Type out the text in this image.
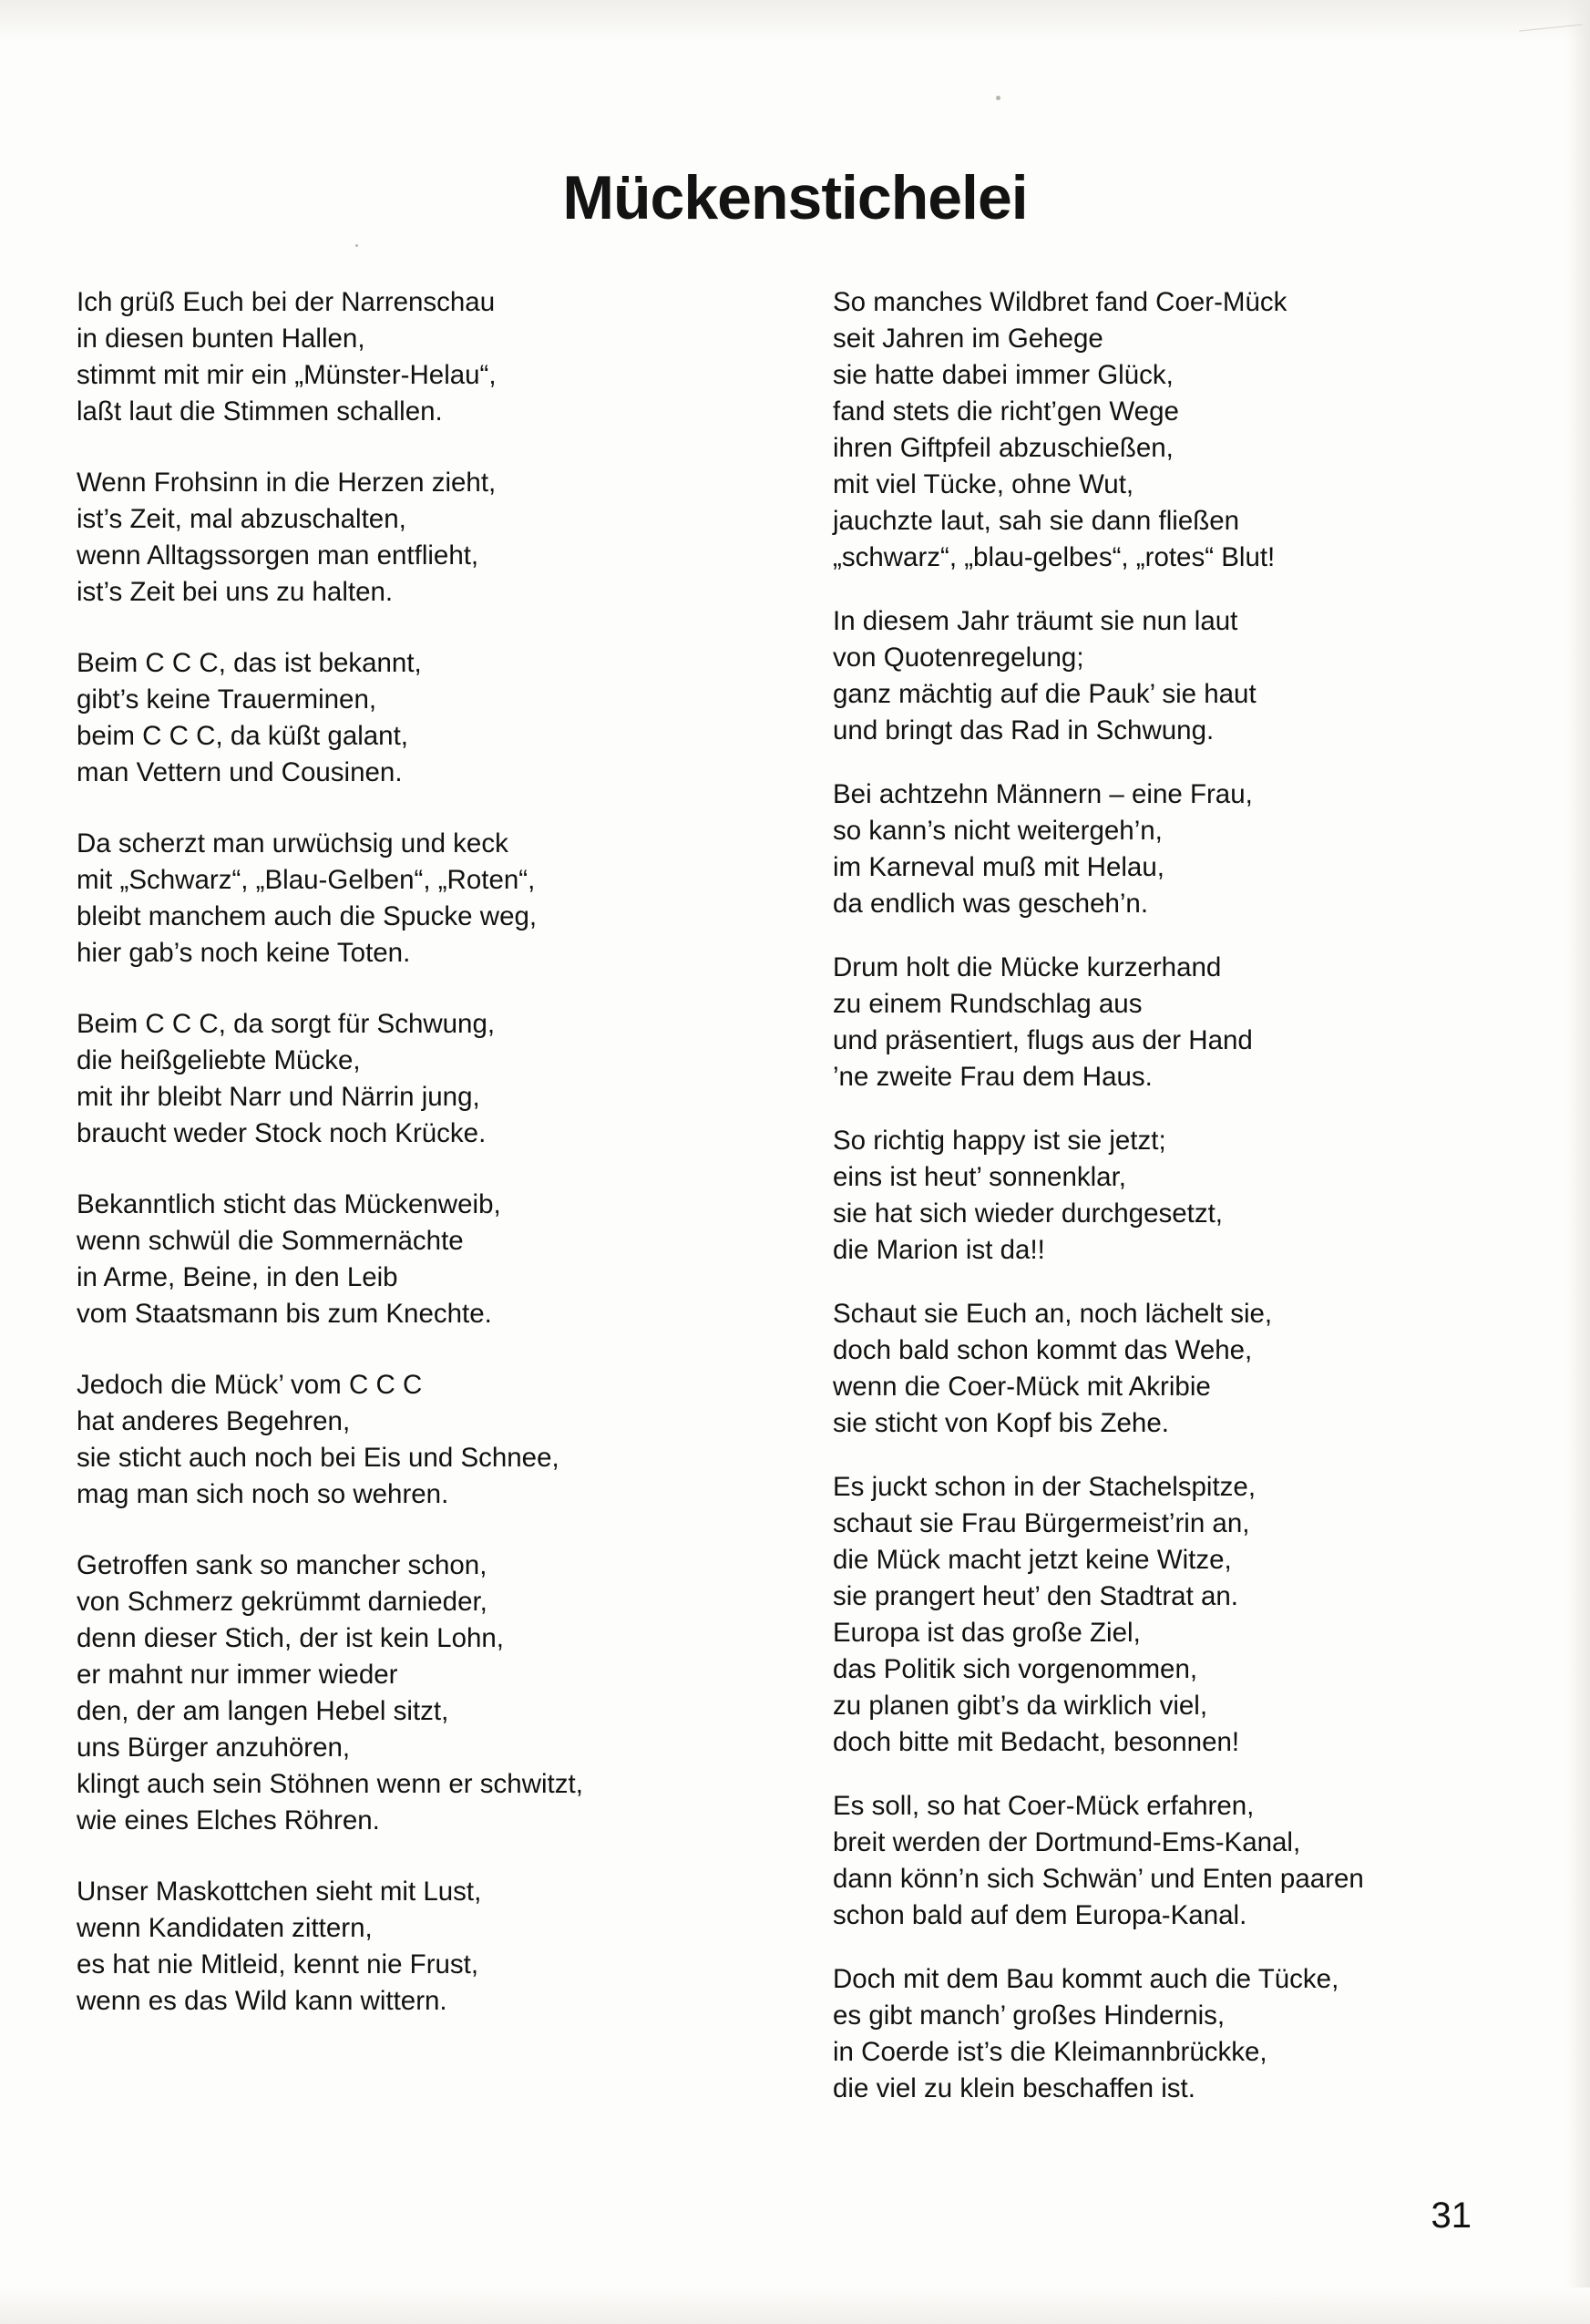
Mückenstichelei
Ich grüß Euch bei der Narrenschau
in diesen bunten Hallen,
stimmt mit mir ein „Münster-Helau“,
laßt laut die Stimmen schallen.
Wenn Frohsinn in die Herzen zieht,
ist’s Zeit, mal abzuschalten,
wenn Alltagssorgen man entflieht,
ist’s Zeit bei uns zu halten.
Beim C C C, das ist bekannt,
gibt’s keine Trauerminen,
beim C C C, da küßt galant,
man Vettern und Cousinen.
Da scherzt man urwüchsig und keck
mit „Schwarz“, „Blau-Gelben“, „Roten“,
bleibt manchem auch die Spucke weg,
hier gab’s noch keine Toten.
Beim C C C, da sorgt für Schwung,
die heißgeliebte Mücke,
mit ihr bleibt Narr und Närrin jung,
braucht weder Stock noch Krücke.
Bekanntlich sticht das Mückenweib,
wenn schwül die Sommernächte
in Arme, Beine, in den Leib
vom Staatsmann bis zum Knechte.
Jedoch die Mück’ vom C C C
hat anderes Begehren,
sie sticht auch noch bei Eis und Schnee,
mag man sich noch so wehren.
Getroffen sank so mancher schon,
von Schmerz gekrümmt darnieder,
denn dieser Stich, der ist kein Lohn,
er mahnt nur immer wieder
den, der am langen Hebel sitzt,
uns Bürger anzuhören,
klingt auch sein Stöhnen wenn er schwitzt,
wie eines Elches Röhren.
Unser Maskottchen sieht mit Lust,
wenn Kandidaten zittern,
es hat nie Mitleid, kennt nie Frust,
wenn es das Wild kann wittern.
So manches Wildbret fand Coer-Mück
seit Jahren im Gehege
sie hatte dabei immer Glück,
fand stets die richt’gen Wege
ihren Giftpfeil abzuschießen,
mit viel Tücke, ohne Wut,
jauchzte laut, sah sie dann fließen
„schwarz“, „blau-gelbes“, „rotes“ Blut!
In diesem Jahr träumt sie nun laut
von Quotenregelung;
ganz mächtig auf die Pauk’ sie haut
und bringt das Rad in Schwung.
Bei achtzehn Männern – eine Frau,
so kann’s nicht weitergeh’n,
im Karneval muß mit Helau,
da endlich was gescheh’n.
Drum holt die Mücke kurzerhand
zu einem Rundschlag aus
und präsentiert, flugs aus der Hand
’ne zweite Frau dem Haus.
So richtig happy ist sie jetzt;
eins ist heut’ sonnenklar,
sie hat sich wieder durchgesetzt,
die Marion ist da!!
Schaut sie Euch an, noch lächelt sie,
doch bald schon kommt das Wehe,
wenn die Coer-Mück mit Akribie
sie sticht von Kopf bis Zehe.
Es juckt schon in der Stachelspitze,
schaut sie Frau Bürgermeist’rin an,
die Mück macht jetzt keine Witze,
sie prangert heut’ den Stadtrat an.
Europa ist das große Ziel,
das Politik sich vorgenommen,
zu planen gibt’s da wirklich viel,
doch bitte mit Bedacht, besonnen!
Es soll, so hat Coer-Mück erfahren,
breit werden der Dortmund-Ems-Kanal,
dann könn’n sich Schwän’ und Enten paaren
schon bald auf dem Europa-Kanal.
Doch mit dem Bau kommt auch die Tücke,
es gibt manch’ großes Hindernis,
in Coerde ist’s die Kleimannbrückke,
die viel zu klein beschaffen ist.
31
